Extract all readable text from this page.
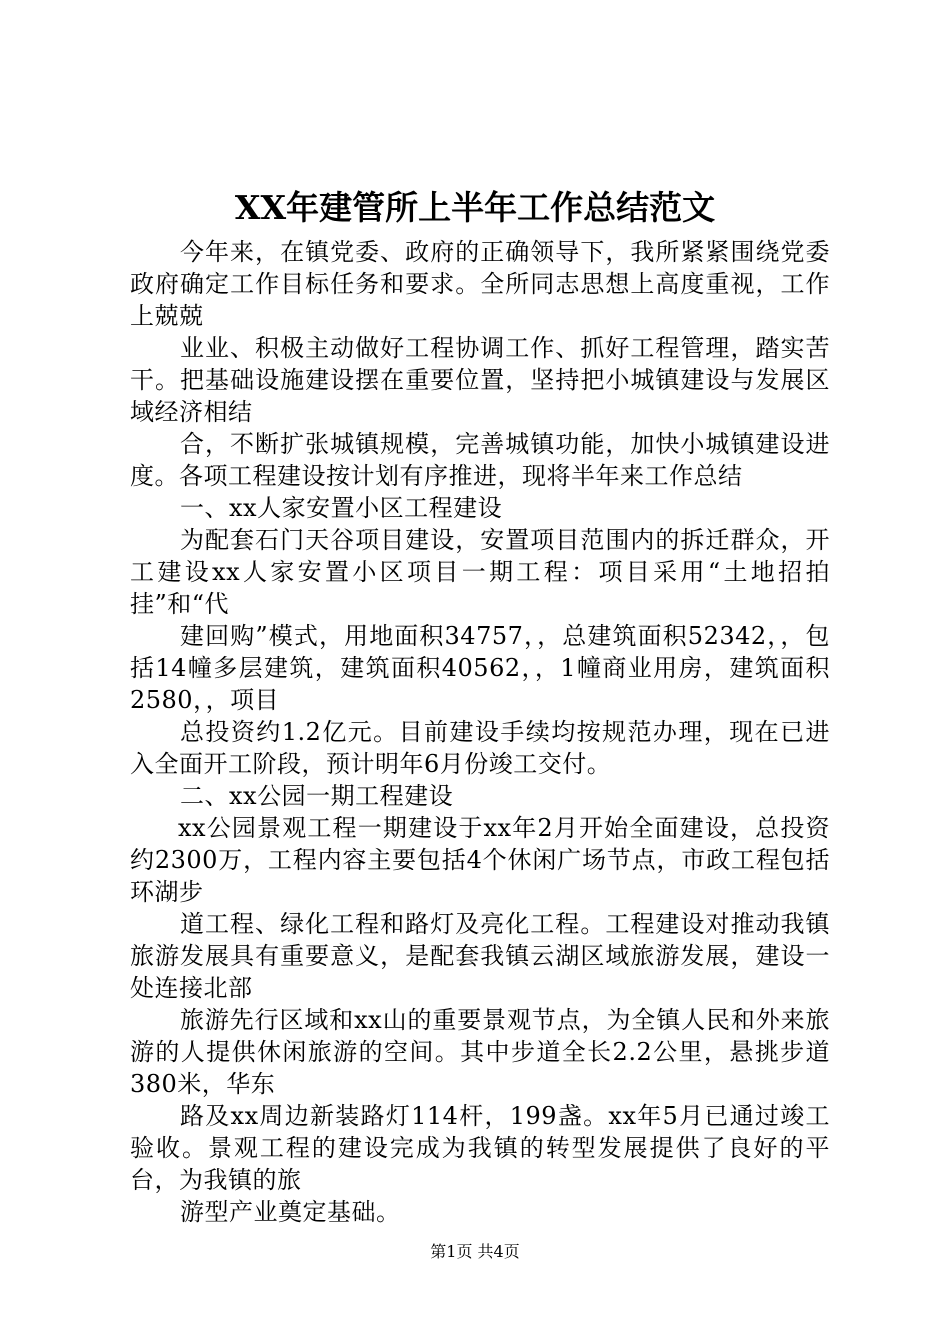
XX年建管所上半年工作总结范文

今年来，在镇党委、政府的正确领导下，我所紧紧围绕党委政府确定工作目标任务和要求。全所同志思想上高度重视，工作上兢兢

业业、积极主动做好工程协调工作、抓好工程管理，踏实苦干。把基础设施建设摆在重要位置，坚持把小城镇建设与发展区域经济相结

合，不断扩张城镇规模，完善城镇功能，加快小城镇建设进度。各项工程建设按计划有序推进，现将半年来工作总结

一、xx人家安置小区工程建设

为配套石门天谷项目建设，安置项目范围内的拆迁群众，开工建设xx人家安置小区项目一期工程：项目采用“土地招拍挂”和“代

建回购”模式，用地面积34757，，总建筑面积52342，，包括14幢多层建筑，建筑面积40562，，1幢商业用房，建筑面积2580，，项目

总投资约1.2亿元。目前建设手续均按规范办理，现在已进入全面开工阶段，预计明年6月份竣工交付。

二、xx公园一期工程建设

xx公园景观工程一期建设于xx年2月开始全面建设，总投资约2300万，工程内容主要包括4个休闲广场节点，市政工程包括环湖步

道工程、绿化工程和路灯及亮化工程。工程建设对推动我镇旅游发展具有重要意义，是配套我镇云湖区域旅游发展，建设一处连接北部

旅游先行区域和xx山的重要景观节点，为全镇人民和外来旅游的人提供休闲旅游的空间。其中步道全长2.2公里，悬挑步道380米，华东

路及xx周边新装路灯114杆，199盏。xx年5月已通过竣工验收。景观工程的建设完成为我镇的转型发展提供了良好的平台，为我镇的旅

游型产业奠定基础。

第1页 共4页
